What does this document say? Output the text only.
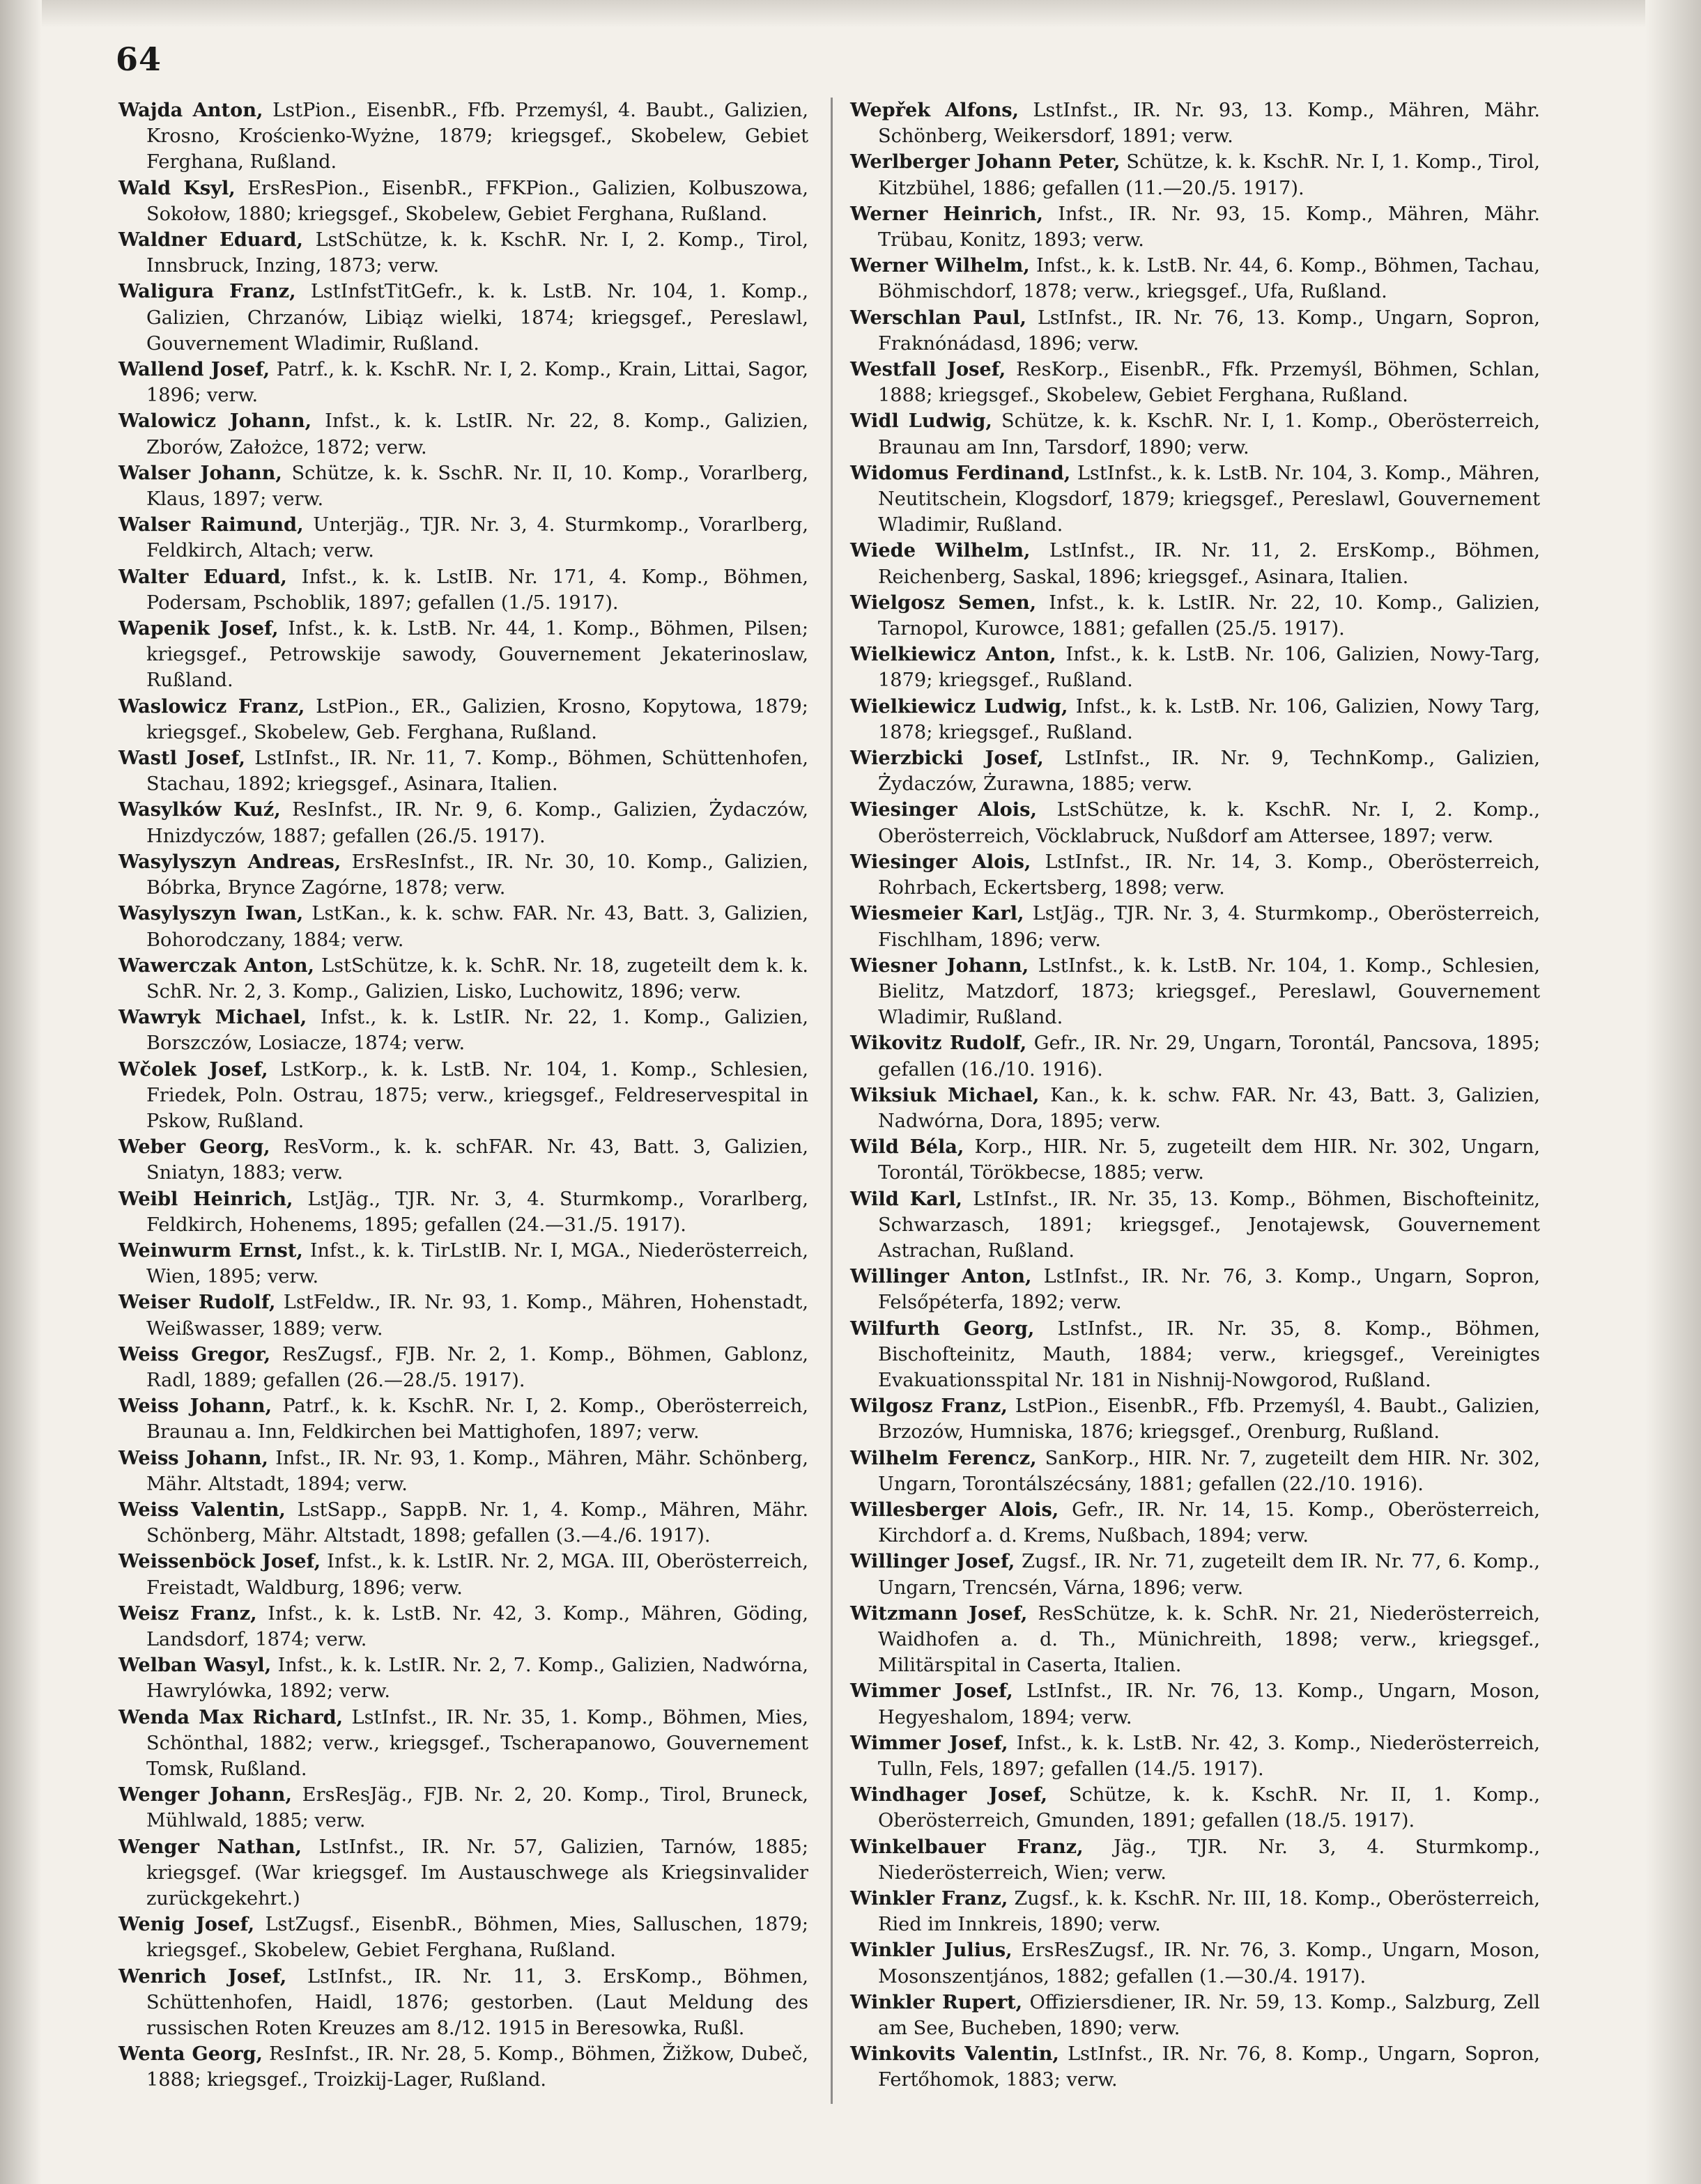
64

Wajda Anton, LstPion., EisenbR., Ffb. Przemyśl, 4. Baubt., Galizien, Krosno, Krościenko-Wyżne, 1879; kriegsgef., Skobelew, Gebiet Ferghana, Rußland.

Wald Ksyl, ErsResPion., EisenbR., FFKPion., Galizien, Kolbuszowa, Sokołow, 1880; kriegsgef., Skobelew, Gebiet Ferghana, Rußland.

Waldner Eduard, LstSchütze, k. k. KschR. Nr. I, 2. Komp., Tirol, Innsbruck, Inzing, 1873; verw.

Waligura Franz, LstInfstTitGefr., k. k. LstB. Nr. 104, 1. Komp., Galizien, Chrzanów, Libiąz wielki, 1874; kriegsgef., Pereslawl, Gouvernement Wladimir, Rußland.

Wallend Josef, Patrf., k. k. KschR. Nr. I, 2. Komp., Krain, Littai, Sagor, 1896; verw.

Walowicz Johann, Infst., k. k. LstIR. Nr. 22, 8. Komp., Galizien, Zborów, Założce, 1872; verw.

Walser Johann, Schütze, k. k. SschR. Nr. II, 10. Komp., Vorarlberg, Klaus, 1897; verw.

Walser Raimund, Unterjäg., TJR. Nr. 3, 4. Sturmkomp., Vorarlberg, Feldkirch, Altach; verw.

Walter Eduard, Infst., k. k. LstIB. Nr. 171, 4. Komp., Böhmen, Podersam, Pschoblik, 1897; gefallen (1./5. 1917).

Wapenik Josef, Infst., k. k. LstB. Nr. 44, 1. Komp., Böhmen, Pilsen; kriegsgef., Petrowskije sawody, Gouvernement Jekaterinoslaw, Rußland.

Waslowicz Franz, LstPion., ER., Galizien, Krosno, Kopytowa, 1879; kriegsgef., Skobelew, Geb. Ferghana, Rußland.

Wastl Josef, LstInfst., IR. Nr. 11, 7. Komp., Böhmen, Schüttenhofen, Stachau, 1892; kriegsgef., Asinara, Italien.

Wasylków Kuź, ResInfst., IR. Nr. 9, 6. Komp., Galizien, Żydaczów, Hnizdyczów, 1887; gefallen (26./5. 1917).

Wasylyszyn Andreas, ErsResInfst., IR. Nr. 30, 10. Komp., Galizien, Bóbrka, Brynce Zagórne, 1878; verw.

Wasylyszyn Iwan, LstKan., k. k. schw. FAR. Nr. 43, Batt. 3, Galizien, Bohorodczany, 1884; verw.

Wawerczak Anton, LstSchütze, k. k. SchR. Nr. 18, zugeteilt dem k. k. SchR. Nr. 2, 3. Komp., Galizien, Lisko, Luchowitz, 1896; verw.

Wawryk Michael, Infst., k. k. LstIR. Nr. 22, 1. Komp., Galizien, Borszczów, Losiacze, 1874; verw.

Wčolek Josef, LstKorp., k. k. LstB. Nr. 104, 1. Komp., Schlesien, Friedek, Poln. Ostrau, 1875; verw., kriegsgef., Feldreservespital in Pskow, Rußland.

Weber Georg, ResVorm., k. k. schFAR. Nr. 43, Batt. 3, Galizien, Sniatyn, 1883; verw.

Weibl Heinrich, LstJäg., TJR. Nr. 3, 4. Sturmkomp., Vorarlberg, Feldkirch, Hohenems, 1895; gefallen (24.—31./5. 1917).

Weinwurm Ernst, Infst., k. k. TirLstIB. Nr. I, MGA., Niederösterreich, Wien, 1895; verw.

Weiser Rudolf, LstFeldw., IR. Nr. 93, 1. Komp., Mähren, Hohenstadt, Weißwasser, 1889; verw.

Weiss Gregor, ResZugsf., FJB. Nr. 2, 1. Komp., Böhmen, Gablonz, Radl, 1889; gefallen (26.—28./5. 1917).

Weiss Johann, Patrf., k. k. KschR. Nr. I, 2. Komp., Oberösterreich, Braunau a. Inn, Feldkirchen bei Mattighofen, 1897; verw.

Weiss Johann, Infst., IR. Nr. 93, 1. Komp., Mähren, Mähr. Schönberg, Mähr. Altstadt, 1894; verw.

Weiss Valentin, LstSapp., SappB. Nr. 1, 4. Komp., Mähren, Mähr. Schönberg, Mähr. Altstadt, 1898; gefallen (3.—4./6. 1917).

Weissenböck Josef, Infst., k. k. LstIR. Nr. 2, MGA. III, Oberösterreich, Freistadt, Waldburg, 1896; verw.

Weisz Franz, Infst., k. k. LstB. Nr. 42, 3. Komp., Mähren, Göding, Landsdorf, 1874; verw.

Welban Wasyl, Infst., k. k. LstIR. Nr. 2, 7. Komp., Galizien, Nadwórna, Hawrylówka, 1892; verw.

Wenda Max Richard, LstInfst., IR. Nr. 35, 1. Komp., Böhmen, Mies, Schönthal, 1882; verw., kriegsgef., Tscherapanowo, Gouvernement Tomsk, Rußland.

Wenger Johann, ErsResJäg., FJB. Nr. 2, 20. Komp., Tirol, Bruneck, Mühlwald, 1885; verw.

Wenger Nathan, LstInfst., IR. Nr. 57, Galizien, Tarnów, 1885; kriegsgef. (War kriegsgef. Im Austauschwege als Kriegsinvalider zurückgekehrt.)

Wenig Josef, LstZugsf., EisenbR., Böhmen, Mies, Salluschen, 1879; kriegsgef., Skobelew, Gebiet Ferghana, Rußland.

Wenrich Josef, LstInfst., IR. Nr. 11, 3. ErsKomp., Böhmen, Schüttenhofen, Haidl, 1876; gestorben. (Laut Meldung des russischen Roten Kreuzes am 8./12. 1915 in Beresowka, Rußl.

Wenta Georg, ResInfst., IR. Nr. 28, 5. Komp., Böhmen, Žižkow, Dubeč, 1888; kriegsgef., Troizkij-Lager, Rußland.

Wepřek Alfons, LstInfst., IR. Nr. 93, 13. Komp., Mähren, Mähr. Schönberg, Weikersdorf, 1891; verw.

Werlberger Johann Peter, Schütze, k. k. KschR. Nr. I, 1. Komp., Tirol, Kitzbühel, 1886; gefallen (11.—20./5. 1917).

Werner Heinrich, Infst., IR. Nr. 93, 15. Komp., Mähren, Mähr. Trübau, Konitz, 1893; verw.

Werner Wilhelm, Infst., k. k. LstB. Nr. 44, 6. Komp., Böhmen, Tachau, Böhmischdorf, 1878; verw., kriegsgef., Ufa, Rußland.

Werschlan Paul, LstInfst., IR. Nr. 76, 13. Komp., Ungarn, Sopron, Fraknónádasd, 1896; verw.

Westfall Josef, ResKorp., EisenbR., Ffk. Przemyśl, Böhmen, Schlan, 1888; kriegsgef., Skobelew, Gebiet Ferghana, Rußland.

Widl Ludwig, Schütze, k. k. KschR. Nr. I, 1. Komp., Oberösterreich, Braunau am Inn, Tarsdorf, 1890; verw.

Widomus Ferdinand, LstInfst., k. k. LstB. Nr. 104, 3. Komp., Mähren, Neutitschein, Klogsdorf, 1879; kriegsgef., Pereslawl, Gouvernement Wladimir, Rußland.

Wiede Wilhelm, LstInfst., IR. Nr. 11, 2. ErsKomp., Böhmen, Reichenberg, Saskal, 1896; kriegsgef., Asinara, Italien.

Wielgosz Semen, Infst., k. k. LstIR. Nr. 22, 10. Komp., Galizien, Tarnopol, Kurowce, 1881; gefallen (25./5. 1917).

Wielkiewicz Anton, Infst., k. k. LstB. Nr. 106, Galizien, Nowy-Targ, 1879; kriegsgef., Rußland.

Wielkiewicz Ludwig, Infst., k. k. LstB. Nr. 106, Galizien, Nowy Targ, 1878; kriegsgef., Rußland.

Wierzbicki Josef, LstInfst., IR. Nr. 9, TechnKomp., Galizien, Żydaczów, Żurawna, 1885; verw.

Wiesinger Alois, LstSchütze, k. k. KschR. Nr. I, 2. Komp., Oberösterreich, Vöcklabruck, Nußdorf am Attersee, 1897; verw.

Wiesinger Alois, LstInfst., IR. Nr. 14, 3. Komp., Oberösterreich, Rohrbach, Eckertsberg, 1898; verw.

Wiesmeier Karl, LstJäg., TJR. Nr. 3, 4. Sturmkomp., Oberösterreich, Fischlham, 1896; verw.

Wiesner Johann, LstInfst., k. k. LstB. Nr. 104, 1. Komp., Schlesien, Bielitz, Matzdorf, 1873; kriegsgef., Pereslawl, Gouvernement Wladimir, Rußland.

Wikovitz Rudolf, Gefr., IR. Nr. 29, Ungarn, Torontál, Pancsova, 1895; gefallen (16./10. 1916).

Wiksiuk Michael, Kan., k. k. schw. FAR. Nr. 43, Batt. 3, Galizien, Nadwórna, Dora, 1895; verw.

Wild Béla, Korp., HIR. Nr. 5, zugeteilt dem HIR. Nr. 302, Ungarn, Torontál, Törökbecse, 1885; verw.

Wild Karl, LstInfst., IR. Nr. 35, 13. Komp., Böhmen, Bischofteinitz, Schwarzasch, 1891; kriegsgef., Jenotajewsk, Gouvernement Astrachan, Rußland.

Willinger Anton, LstInfst., IR. Nr. 76, 3. Komp., Ungarn, Sopron, Felsőpéterfa, 1892; verw.

Wilfurth Georg, LstInfst., IR. Nr. 35, 8. Komp., Böhmen, Bischofteinitz, Mauth, 1884; verw., kriegsgef., Vereinigtes Evakuationsspital Nr. 181 in Nishnij-Nowgorod, Rußland.

Wilgosz Franz, LstPion., EisenbR., Ffb. Przemyśl, 4. Baubt., Galizien, Brzozów, Humniska, 1876; kriegsgef., Orenburg, Rußland.

Wilhelm Ferencz, SanKorp., HIR. Nr. 7, zugeteilt dem HIR. Nr. 302, Ungarn, Torontálszécsány, 1881; gefallen (22./10. 1916).

Willesberger Alois, Gefr., IR. Nr. 14, 15. Komp., Oberösterreich, Kirchdorf a. d. Krems, Nußbach, 1894; verw.

Willinger Josef, Zugsf., IR. Nr. 71, zugeteilt dem IR. Nr. 77, 6. Komp., Ungarn, Trencsén, Várna, 1896; verw.

Witzmann Josef, ResSchütze, k. k. SchR. Nr. 21, Niederösterreich, Waidhofen a. d. Th., Münichreith, 1898; verw., kriegsgef., Militärspital in Caserta, Italien.

Wimmer Josef, LstInfst., IR. Nr. 76, 13. Komp., Ungarn, Moson, Hegyeshalom, 1894; verw.

Wimmer Josef, Infst., k. k. LstB. Nr. 42, 3. Komp., Niederösterreich, Tulln, Fels, 1897; gefallen (14./5. 1917).

Windhager Josef, Schütze, k. k. KschR. Nr. II, 1. Komp., Oberösterreich, Gmunden, 1891; gefallen (18./5. 1917).

Winkelbauer Franz, Jäg., TJR. Nr. 3, 4. Sturmkomp., Niederösterreich, Wien; verw.

Winkler Franz, Zugsf., k. k. KschR. Nr. III, 18. Komp., Oberösterreich, Ried im Innkreis, 1890; verw.

Winkler Julius, ErsResZugsf., IR. Nr. 76, 3. Komp., Ungarn, Moson, Mosonszentjános, 1882; gefallen (1.—30./4. 1917).

Winkler Rupert, Offiziersdiener, IR. Nr. 59, 13. Komp., Salzburg, Zell am See, Bucheben, 1890; verw.

Winkovits Valentin, LstInfst., IR. Nr. 76, 8. Komp., Ungarn, Sopron, Fertőhomok, 1883; verw.
